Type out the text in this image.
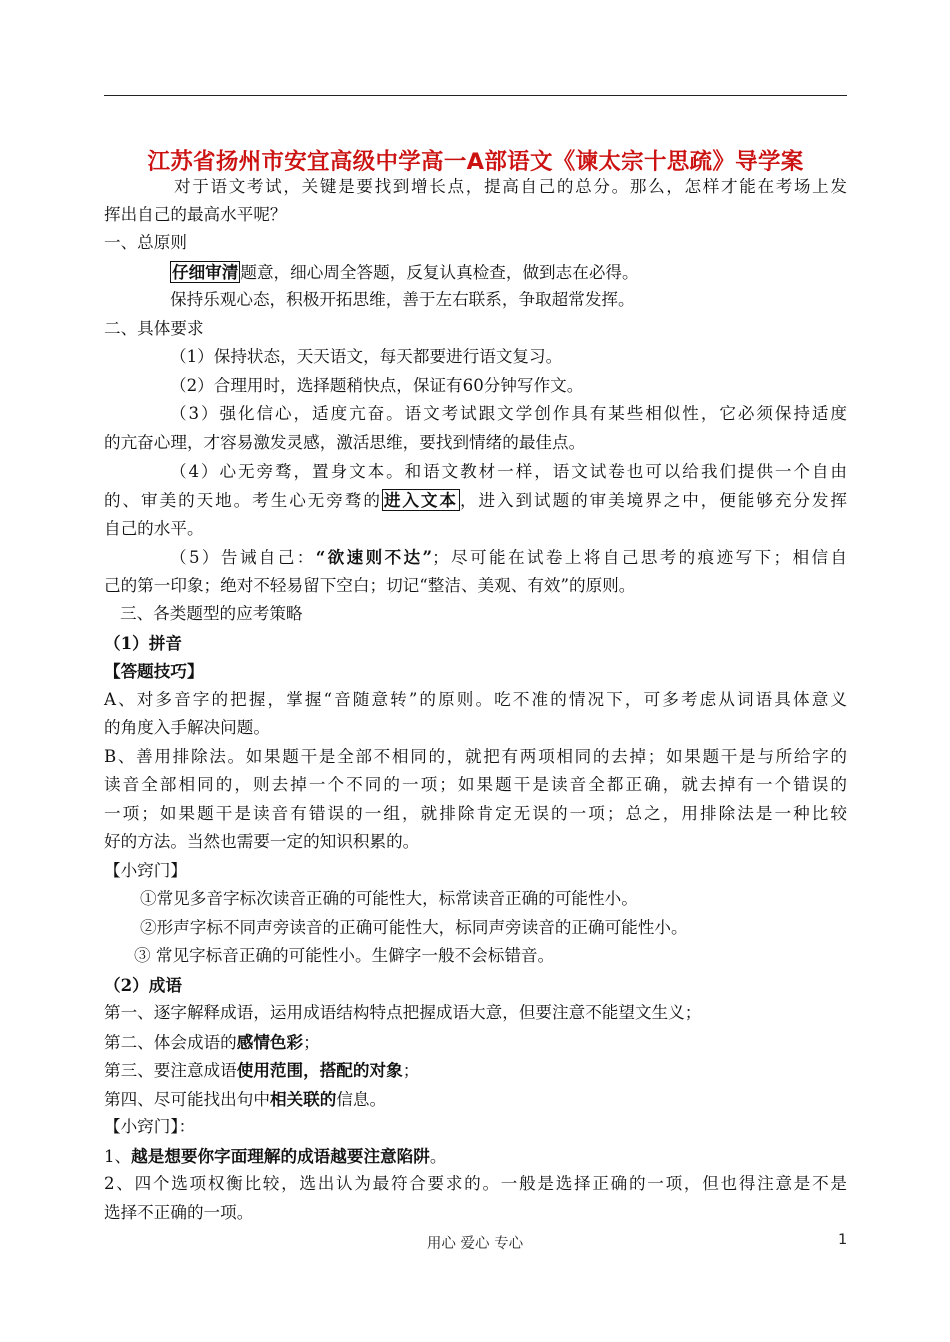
江苏省扬州市安宜高级中学高一A部语文《谏太宗十思疏》导学案
对于语文考试，关键是要找到增长点，提高自己的总分。那么，怎样才能在考场上发
挥出自己的最高水平呢？
一、总原则
仔细审清 题意，细心周全答题，反复认真检查，做到志在必得。
保持乐观心态，积极开拓思维，善于左右联系，争取超常发挥。
二、具体要求
（1）保持状态，天天语文，每天都要进行语文复习。
（2）合理用时，选择题稍快点，保证有60分钟写作文。
（3）强化信心，适度亢奋。语文考试跟文学创作具有某些相似性，它必须保持适度
的亢奋心理，才容易激发灵感，激活思维，要找到情绪的最佳点。
（4）心无旁骛，置身文本。和语文教材一样，语文试卷也可以给我们提供一个自由
的、审美的天地。考生心无旁骛的 进入文本 ，进入到试题的审美境界之中，便能够充分发挥
自己的水平。
（5）告诫自己：“欲速则不达”；尽可能在试卷上将自己思考的痕迹写下；相信自
己的第一印象；绝对不轻易留下空白；切记“整洁、美观、有效”的原则。
三、各类题型的应考策略
（1）拼音
【答题技巧】
A、对多音字的把握，掌握“音随意转”的原则。吃不准的情况下，可多考虑从词语具体意义
的角度入手解决问题。
B、善用排除法。如果题干是全部不相同的，就把有两项相同的去掉；如果题干是与所给字的
读音全部相同的，则去掉一个不同的一项；如果题干是读音全都正确，就去掉有一个错误的
一项；如果题干是读音有错误的一组，就排除肯定无误的一项；总之，用排除法是一种比较
好的方法。当然也需要一定的知识积累的。
【小窍门】
①常见多音字标次读音正确的可能性大，标常读音正确的可能性小。
②形声字标不同声旁读音的正确可能性大，标同声旁读音的正确可能性小。
③ 常见字标音正确的可能性小。生僻字一般不会标错音。
（2）成语
第一、逐字解释成语，运用成语结构特点把握成语大意，但要注意不能望文生义；
第二、体会成语的感情色彩；
第三、要注意成语使用范围，搭配的对象；
第四、尽可能找出句中相关联的信息。
【小窍门】：
1、越是想要你字面理解的成语越要注意陷阱。
2、四个选项权衡比较，选出认为最符合要求的。一般是选择正确的一项，但也得注意是不是
选择不正确的一项。
用心 爱心 专心	1
